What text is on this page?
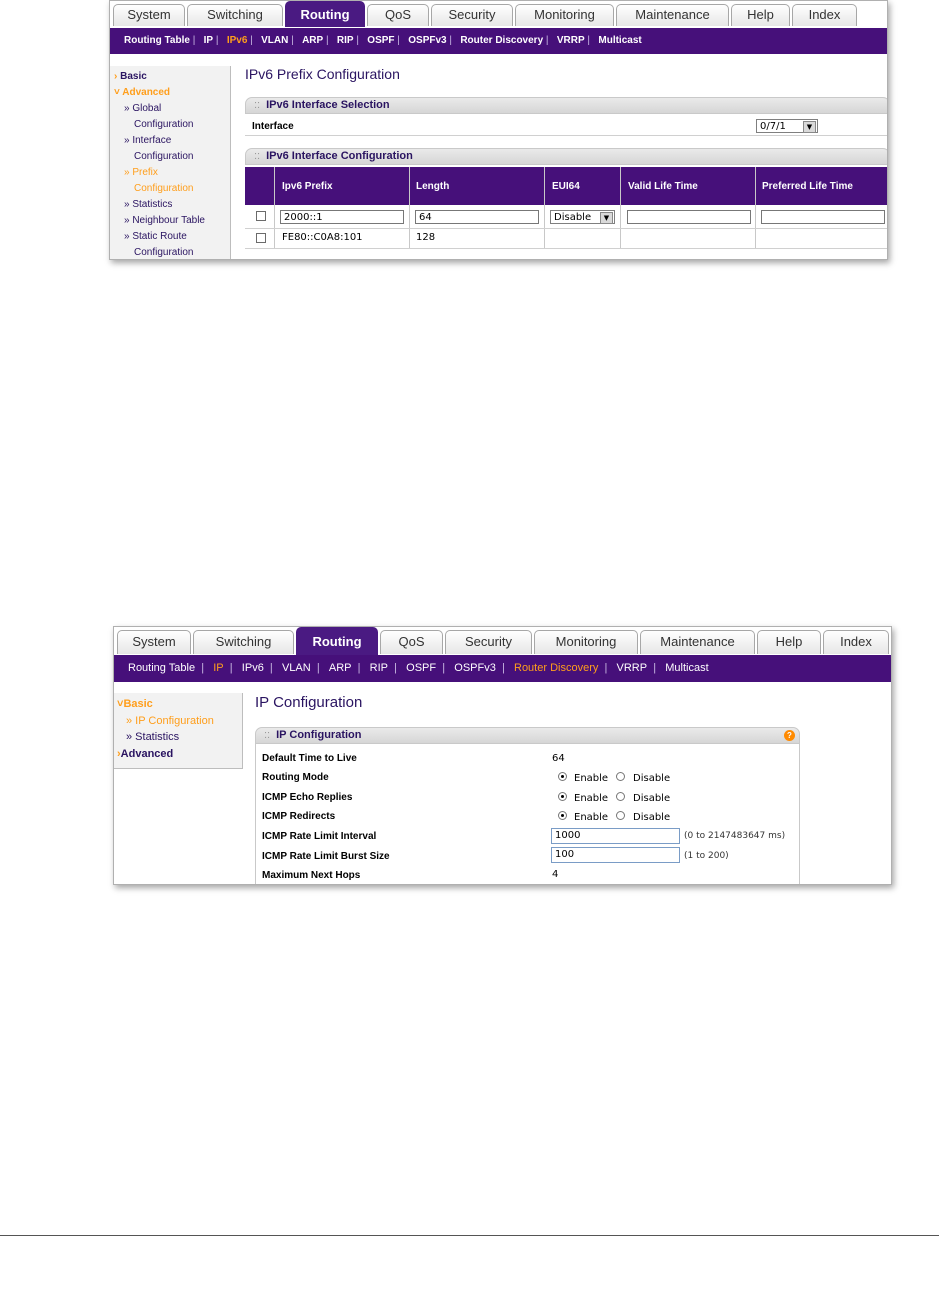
System	Switching	Routing	QoS	Security	Monitoring	Maintenance	Help	Index
Routing Table |   IP |   IPv6 |   VLAN |   ARP |   RIP |   OSPF |   OSPFv3 |   Router Discovery |   VRRP |   Multicast
› Basic
˅ Advanced
» Global
Configuration
» Interface
Configuration
» Prefix
Configuration
» Statistics
» Neighbour Table
» Static Route
Configuration
IPv6 Prefix Configuration
:: IPv6 Interface Selection
Interface	0/7/1	▼
:: IPv6 Interface Configuration
Ipv6 Prefix	Length	EUI64	Valid Life Time	Preferred Life Time
2000::1	64	Disable	▼
FE80::C0A8:101	128
System	Switching	Routing	QoS	Security	Monitoring	Maintenance	Help	Index
Routing Table  |   IP  |   IPv6  |   VLAN  |   ARP  |   RIP  |   OSPF  |   OSPFv3  |   Router Discovery  |   VRRP  |   Multicast
˅Basic
» IP Configuration
» Statistics
›Advanced
IP Configuration
:: IP Configuration	?
Default Time to Live	64
Routing Mode	Enable Disable
ICMP Echo Replies	Enable Disable
ICMP Redirects	Enable Disable
ICMP Rate Limit Interval	1000	(0 to 2147483647 ms)
ICMP Rate Limit Burst Size	100	(1 to 200)
Maximum Next Hops	4
